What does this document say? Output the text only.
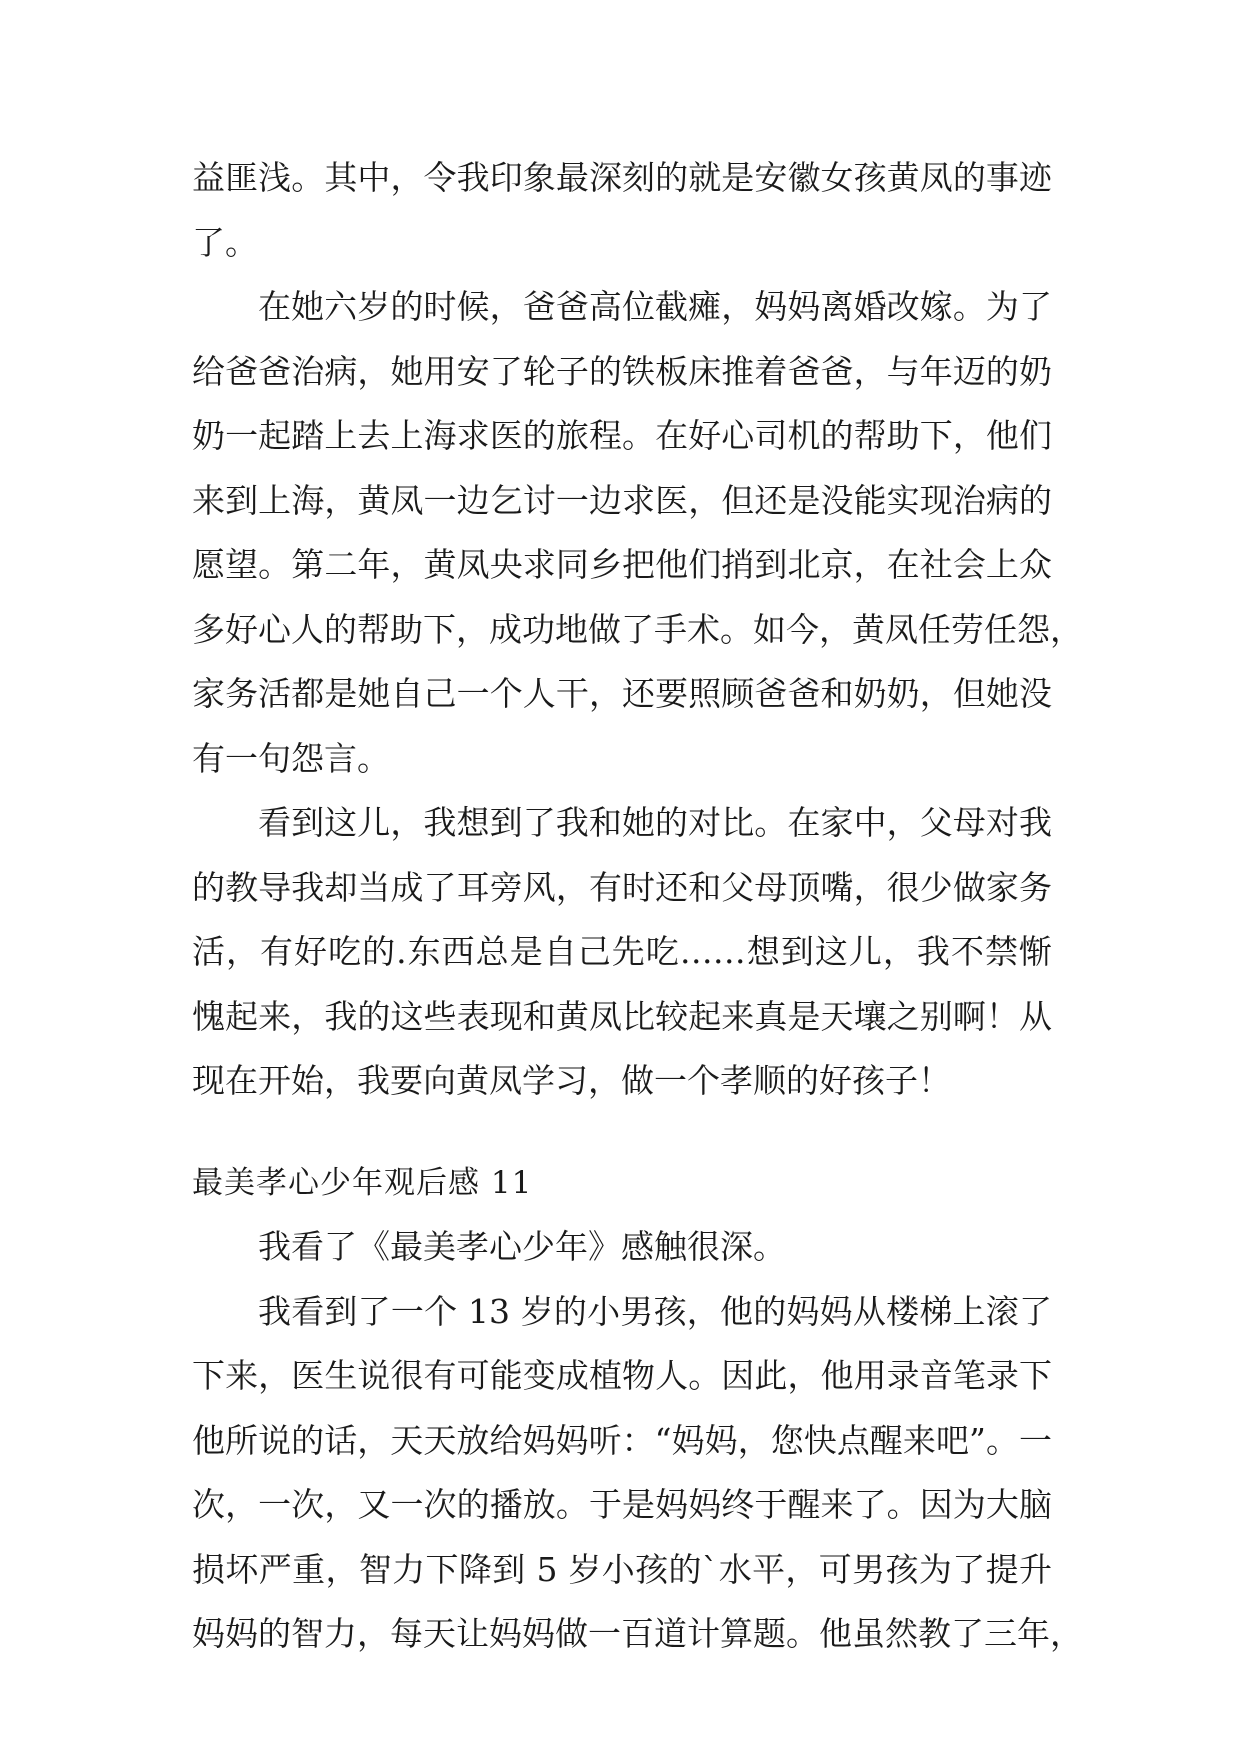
益匪浅。其中，令我印象最深刻的就是安徽女孩黄凤的事迹
了。
在她六岁的时候，爸爸高位截瘫，妈妈离婚改嫁。为了
给爸爸治病，她用安了轮子的铁板床推着爸爸，与年迈的奶
奶一起踏上去上海求医的旅程。在好心司机的帮助下，他们
来到上海，黄凤一边乞讨一边求医，但还是没能实现治病的
愿望。第二年，黄凤央求同乡把他们捎到北京，在社会上众
多好心人的帮助下，成功地做了手术。如今，黄凤任劳任怨，
家务活都是她自己一个人干，还要照顾爸爸和奶奶，但她没
有一句怨言。
看到这儿，我想到了我和她的对比。在家中，父母对我
的教导我却当成了耳旁风，有时还和父母顶嘴，很少做家务
活，有好吃的.东西总是自己先吃……想到这儿，我不禁惭
愧起来，我的这些表现和黄凤比较起来真是天壤之别啊！从
现在开始，我要向黄凤学习，做一个孝顺的好孩子！
最美孝心少年观后感 11
我看了《最美孝心少年》感触很深。
我看到了一个 13 岁的小男孩，他的妈妈从楼梯上滚了
下来，医生说很有可能变成植物人。因此，他用录音笔录下
他所说的话，天天放给妈妈听：“妈妈，您快点醒来吧”。一
次，一次，又一次的播放。于是妈妈终于醒来了。因为大脑
损坏严重，智力下降到 5 岁小孩的`水平，可男孩为了提升
妈妈的智力，每天让妈妈做一百道计算题。他虽然教了三年，
